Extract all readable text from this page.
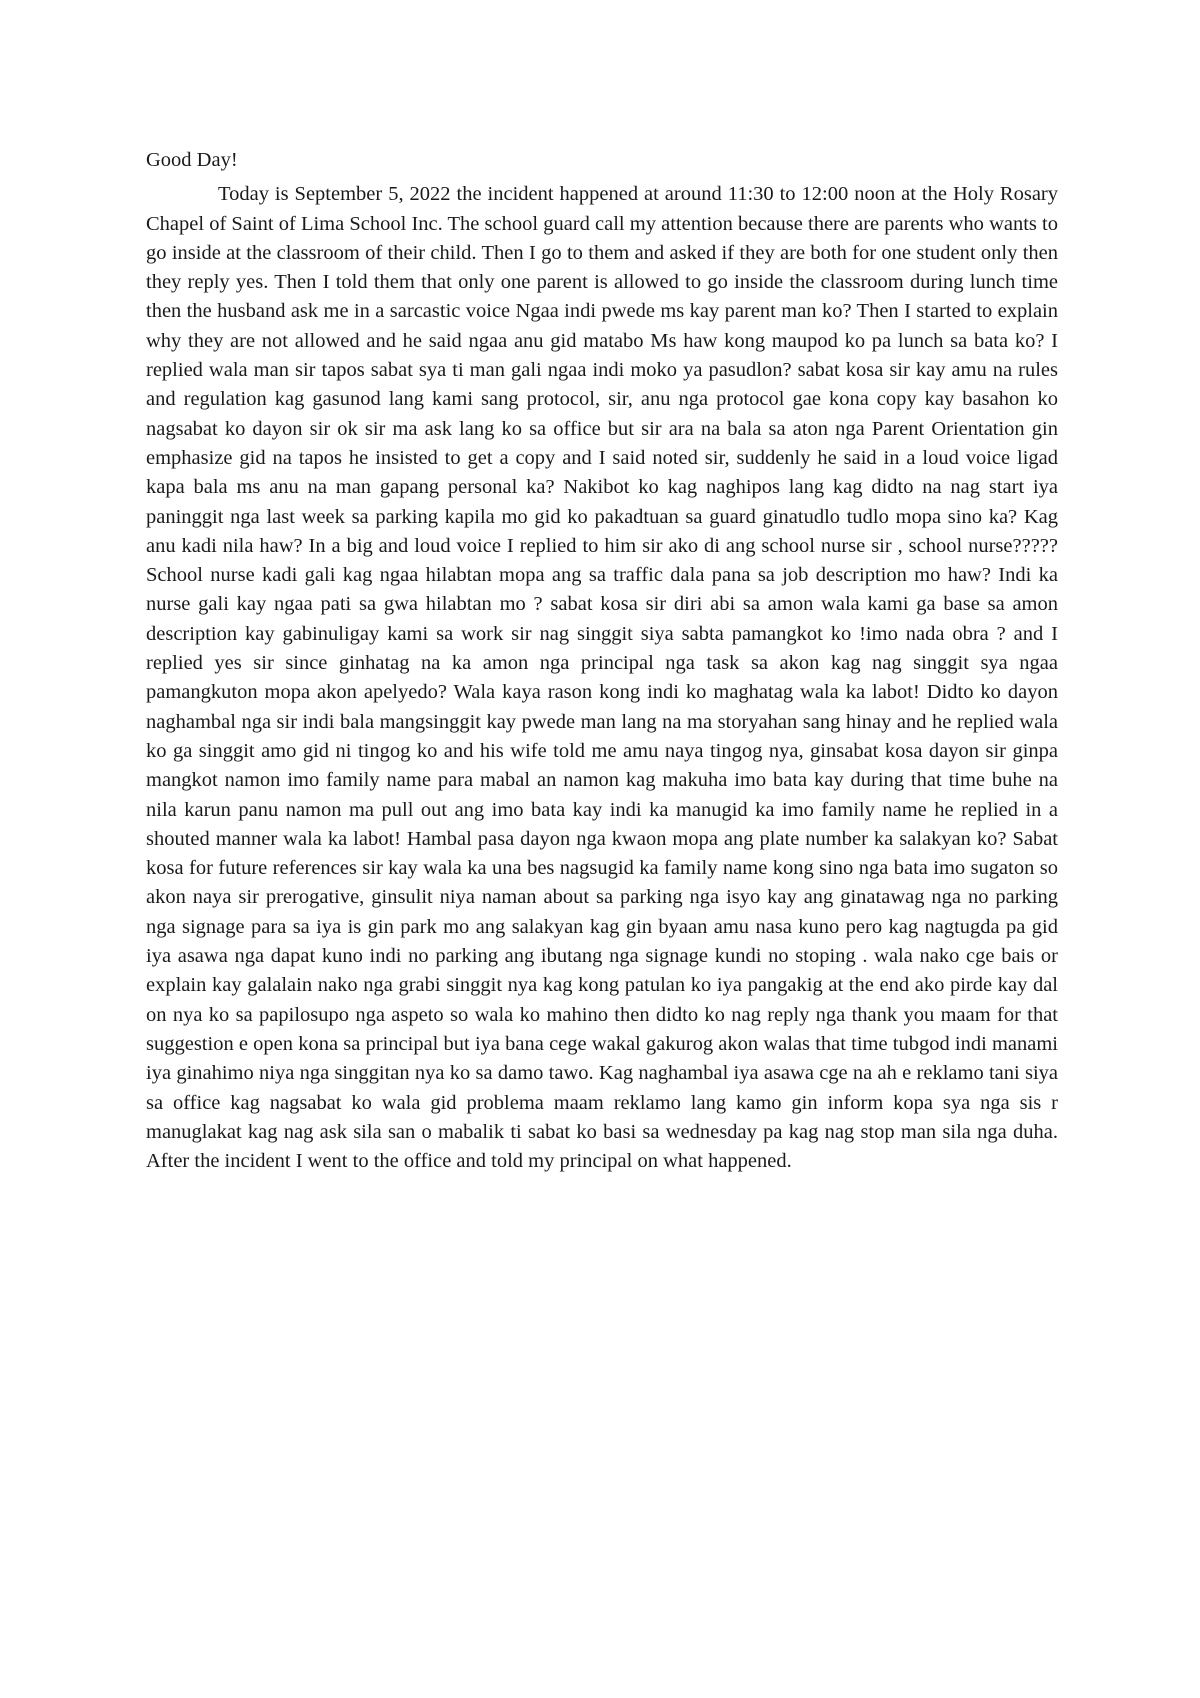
Good Day!

Today is September 5, 2022 the incident happened at around 11:30 to 12:00 noon at the Holy Rosary Chapel of Saint of Lima School Inc. The school guard call my attention because there are parents who wants to go inside at the classroom of their child. Then I go to them and asked if they are both for one student only then they reply yes. Then I told them that only one parent is allowed to go inside the classroom during lunch time then the husband ask me in a sarcastic voice Ngaa indi pwede ms kay parent man ko? Then I started to explain why they are not allowed and he said ngaa anu gid matabo Ms haw kong maupod ko pa lunch sa bata ko? I replied wala man sir tapos sabat sya ti man gali ngaa indi moko ya pasudlon? sabat kosa sir kay amu na rules and regulation kag gasunod lang kami sang protocol, sir, anu nga protocol gae kona copy kay basahon ko nagsabat ko dayon sir ok sir ma ask lang ko sa office but sir ara na bala sa aton nga Parent Orientation gin emphasize gid na tapos he insisted to get a copy and I said noted sir, suddenly he said in a loud voice ligad kapa bala ms anu na man gapang personal ka? Nakibot ko kag naghipos lang kag didto na nag start iya paninggit nga last week sa parking kapila mo gid ko pakadtuan sa guard ginatudlo tudlo mopa sino ka? Kag anu kadi nila haw? In a big and loud voice I replied to him sir ako di ang school nurse sir , school nurse????? School nurse kadi gali kag ngaa hilabtan mopa ang sa traffic dala pana sa job description mo haw? Indi ka nurse gali kay ngaa pati sa gwa hilabtan mo ? sabat kosa sir diri abi sa amon wala kami ga base sa amon description kay gabinuligay kami sa work sir nag singgit siya sabta pamangkot ko !imo nada obra ? and I replied yes sir since ginhatag na ka amon nga principal nga task sa akon kag nag singgit sya ngaa pamangkuton mopa akon apelyedo? Wala kaya rason kong indi ko maghatag wala ka labot! Didto ko dayon naghambal nga sir indi bala mangsinggit kay pwede man lang na ma storyahan sang hinay and he replied wala ko ga singgit amo gid ni tingog ko and his wife told me amu naya tingog nya, ginsabat kosa dayon sir ginpa mangkot namon imo family name para mabal an namon kag makuha imo bata kay during that time buhe na nila karun panu namon ma pull out ang imo bata kay indi ka manugid ka imo family name he replied in a shouted manner wala ka labot! Hambal pasa dayon nga kwaon mopa ang plate number ka salakyan ko? Sabat kosa for future references sir kay wala ka una bes nagsugid ka family name kong sino nga bata imo sugaton so akon naya sir prerogative, ginsulit niya naman about sa parking nga isyo kay ang ginatawag nga no parking nga signage para sa iya is gin park mo ang salakyan kag gin byaan amu nasa kuno pero kag nagtugda pa gid iya asawa nga dapat kuno indi no parking ang ibutang nga signage kundi no stoping . wala nako cge bais or explain kay galalain nako nga grabi singgit nya kag kong patulan ko iya pangakig at the end ako pirde kay dal on nya ko sa papilosupo nga aspeto so wala ko mahino then didto ko nag reply nga thank you maam for that suggestion e open kona sa principal but iya bana cege wakal gakurog akon walas that time tubgod indi manami iya ginahimo niya nga singgitan nya ko sa damo tawo. Kag naghambal iya asawa cge na ah e reklamo tani siya sa office kag nagsabat ko wala gid problema maam reklamo lang kamo gin inform kopa sya nga sis r manuglakat kag nag ask sila san o mabalik ti sabat ko basi sa wednesday pa kag nag stop man sila nga duha. After the incident I went to the office and told my principal on what happened.
